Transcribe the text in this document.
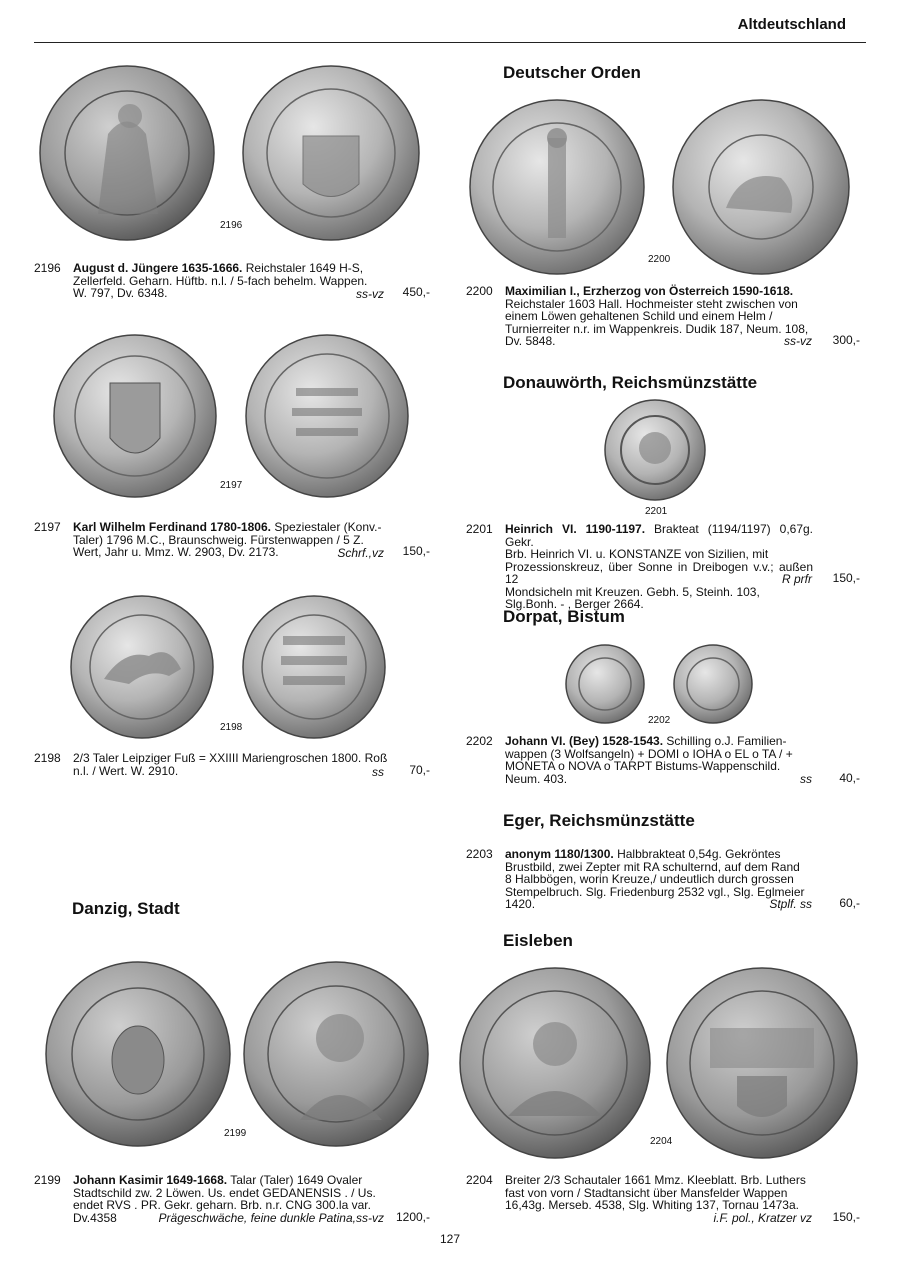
Altdeutschland
2196
2196 August d. Jüngere 1635-1666. Reichstaler 1649 H-S,
Zellerfeld. Geharn. Hüftb. n.l. / 5-fach behelm. Wappen.
W. 797, Dv. 6348.	ss-vz	450,-
2197
2197 Karl Wilhelm Ferdinand 1780-1806. Speziestaler (Konv.-
Taler) 1796 M.C., Braunschweig. Fürstenwappen / 5 Z.
Wert, Jahr u. Mmz. W. 2903, Dv. 2173.	Schrf.,vz	150,-
2198
2198 2/3 Taler Leipziger Fuß = XXIIII Mariengroschen 1800. Roß
n.l. / Wert. W. 2910.	ss	70,-
Danzig, Stadt
2199
2199 Johann Kasimir 1649-1668. Talar (Taler) 1649 Ovaler
Stadtschild zw. 2 Löwen. Us. endet GEDANENSIS . / Us.
endet RVS . PR. Gekr. geharn. Brb. n.r. CNG 300.la var.
Dv.4358	Prägeschwäche, feine dunkle Patina,ss-vz 1200,-
Deutscher Orden
2200
2200 Maximilian I., Erzherzog von Österreich 1590-1618.
Reichstaler 1603 Hall. Hochmeister steht zwischen von
einem Löwen gehaltenen Schild und einem Helm /
Turnierreiter n.r. im Wappenkreis. Dudik 187, Neum. 108,
Dv. 5848.	ss-vz	300,-
Donauwörth, Reichsmünzstätte
2201
2201 Heinrich VI. 1190-1197. Brakteat (1194/1197) 0,67g. Gekr.
Brb. Heinrich VI. u. KONSTANZE von Sizilien, mit
Prozessionskreuz, über Sonne in Dreibogen v.v.; außen 12
Mondsicheln mit Kreuzen. Gebh. 5, Steinh. 103,
Slg.Bonh. - , Berger 2664.
R prfr	150,-
Dorpat, Bistum
2202
2202 Johann VI. (Bey) 1528-1543. Schilling o.J. Familien-
wappen (3 Wolfsangeln) + DOMI o IOHA o EL o TA / +
MONETA o NOVA o TARPT Bistums-Wappenschild.
Neum. 403.	ss	40,-
Eger, Reichsmünzstätte
2203 anonym 1180/1300. Halbbrakteat 0,54g. Gekröntes
Brustbild, zwei Zepter mit RA schulternd, auf dem Rand
8 Halbbögen, worin Kreuze,/ undeutlich durch grossen
Stempelbruch. Slg. Friedenburg 2532 vgl., Slg. Eglmeier
1420.	Stplf. ss	60,-
Eisleben
2204
2204 Breiter 2/3 Schautaler 1661 Mmz. Kleeblatt. Brb. Luthers
fast von vorn / Stadtansicht über Mansfelder Wappen
16,43g. Merseb. 4538, Slg. Whiting 137, Tornau 1473a.
i.F. pol., Kratzer vz	150,-
127
